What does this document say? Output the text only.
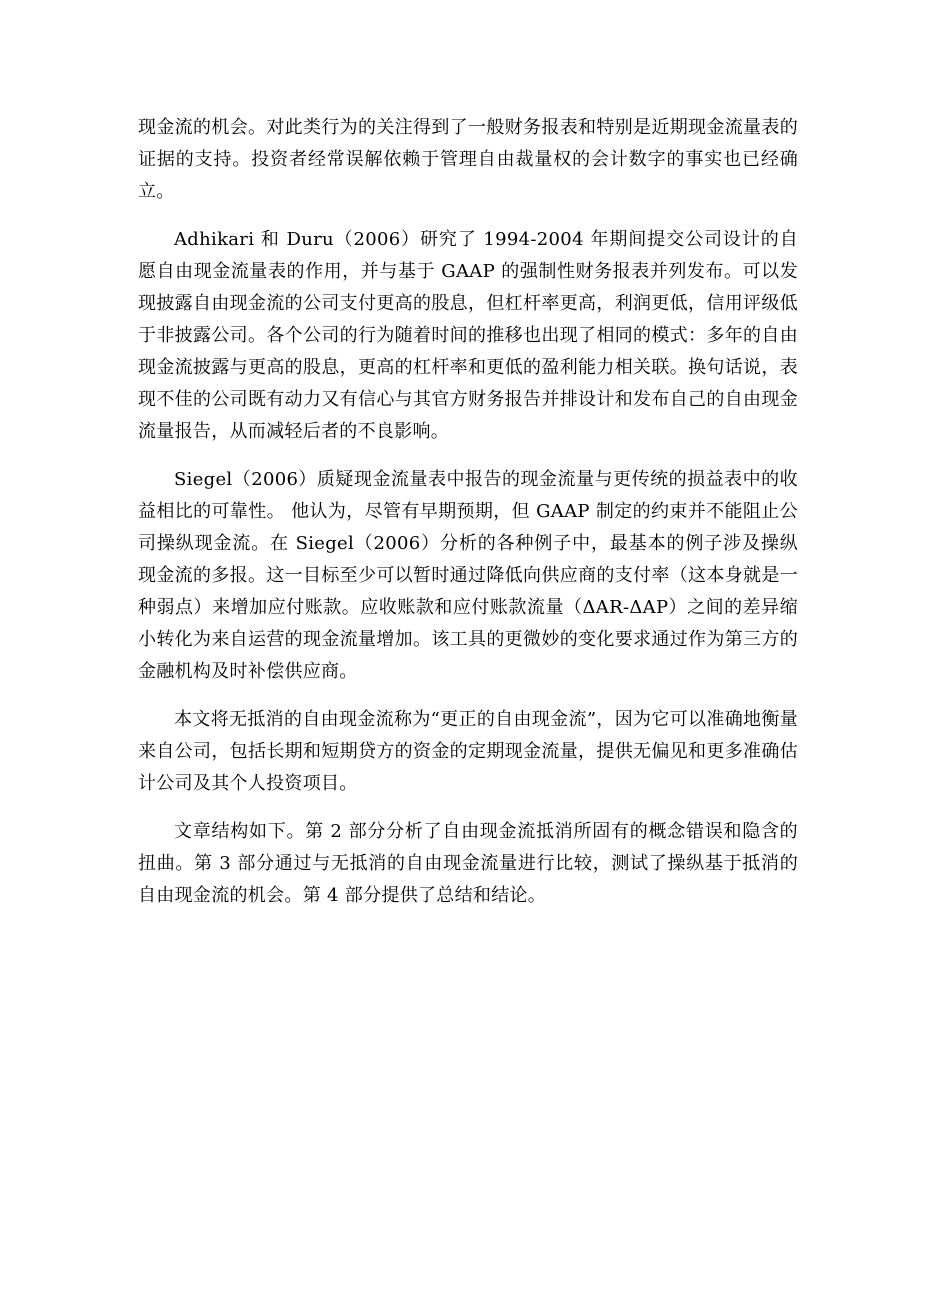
现金流的机会。对此类行为的关注得到了一般财务报表和特别是近期现金流量表的证据的支持。投资者经常误解依赖于管理自由裁量权的会计数字的事实也已经确立。

Adhikari 和 Duru（2006）研究了 1994-2004 年期间提交公司设计的自愿自由现金流量表的作用，并与基于 GAAP 的强制性财务报表并列发布。可以发现披露自由现金流的公司支付更高的股息，但杠杆率更高，利润更低，信用评级低于非披露公司。各个公司的行为随着时间的推移也出现了相同的模式：多年的自由现金流披露与更高的股息，更高的杠杆率和更低的盈利能力相关联。换句话说，表现不佳的公司既有动力又有信心与其官方财务报告并排设计和发布自己的自由现金流量报告，从而减轻后者的不良影响。

Siegel（2006）质疑现金流量表中报告的现金流量与更传统的损益表中的收益相比的可靠性。 他认为，尽管有早期预期，但 GAAP 制定的约束并不能阻止公司操纵现金流。在 Siegel（2006）分析的各种例子中，最基本的例子涉及操纵现金流的多报。这一目标至少可以暂时通过降低向供应商的支付率（这本身就是一种弱点）来增加应付账款。应收账款和应付账款流量（ΔAR-ΔAP）之间的差异缩小转化为来自运营的现金流量增加。该工具的更微妙的变化要求通过作为第三方的金融机构及时补偿供应商。

本文将无抵消的自由现金流称为“更正的自由现金流”，因为它可以准确地衡量来自公司，包括长期和短期贷方的资金的定期现金流量，提供无偏见和更多准确估计公司及其个人投资项目。

文章结构如下。第 2 部分分析了自由现金流抵消所固有的概念错误和隐含的扭曲。第 3 部分通过与无抵消的自由现金流量进行比较，测试了操纵基于抵消的自由现金流的机会。第 4 部分提供了总结和结论。
